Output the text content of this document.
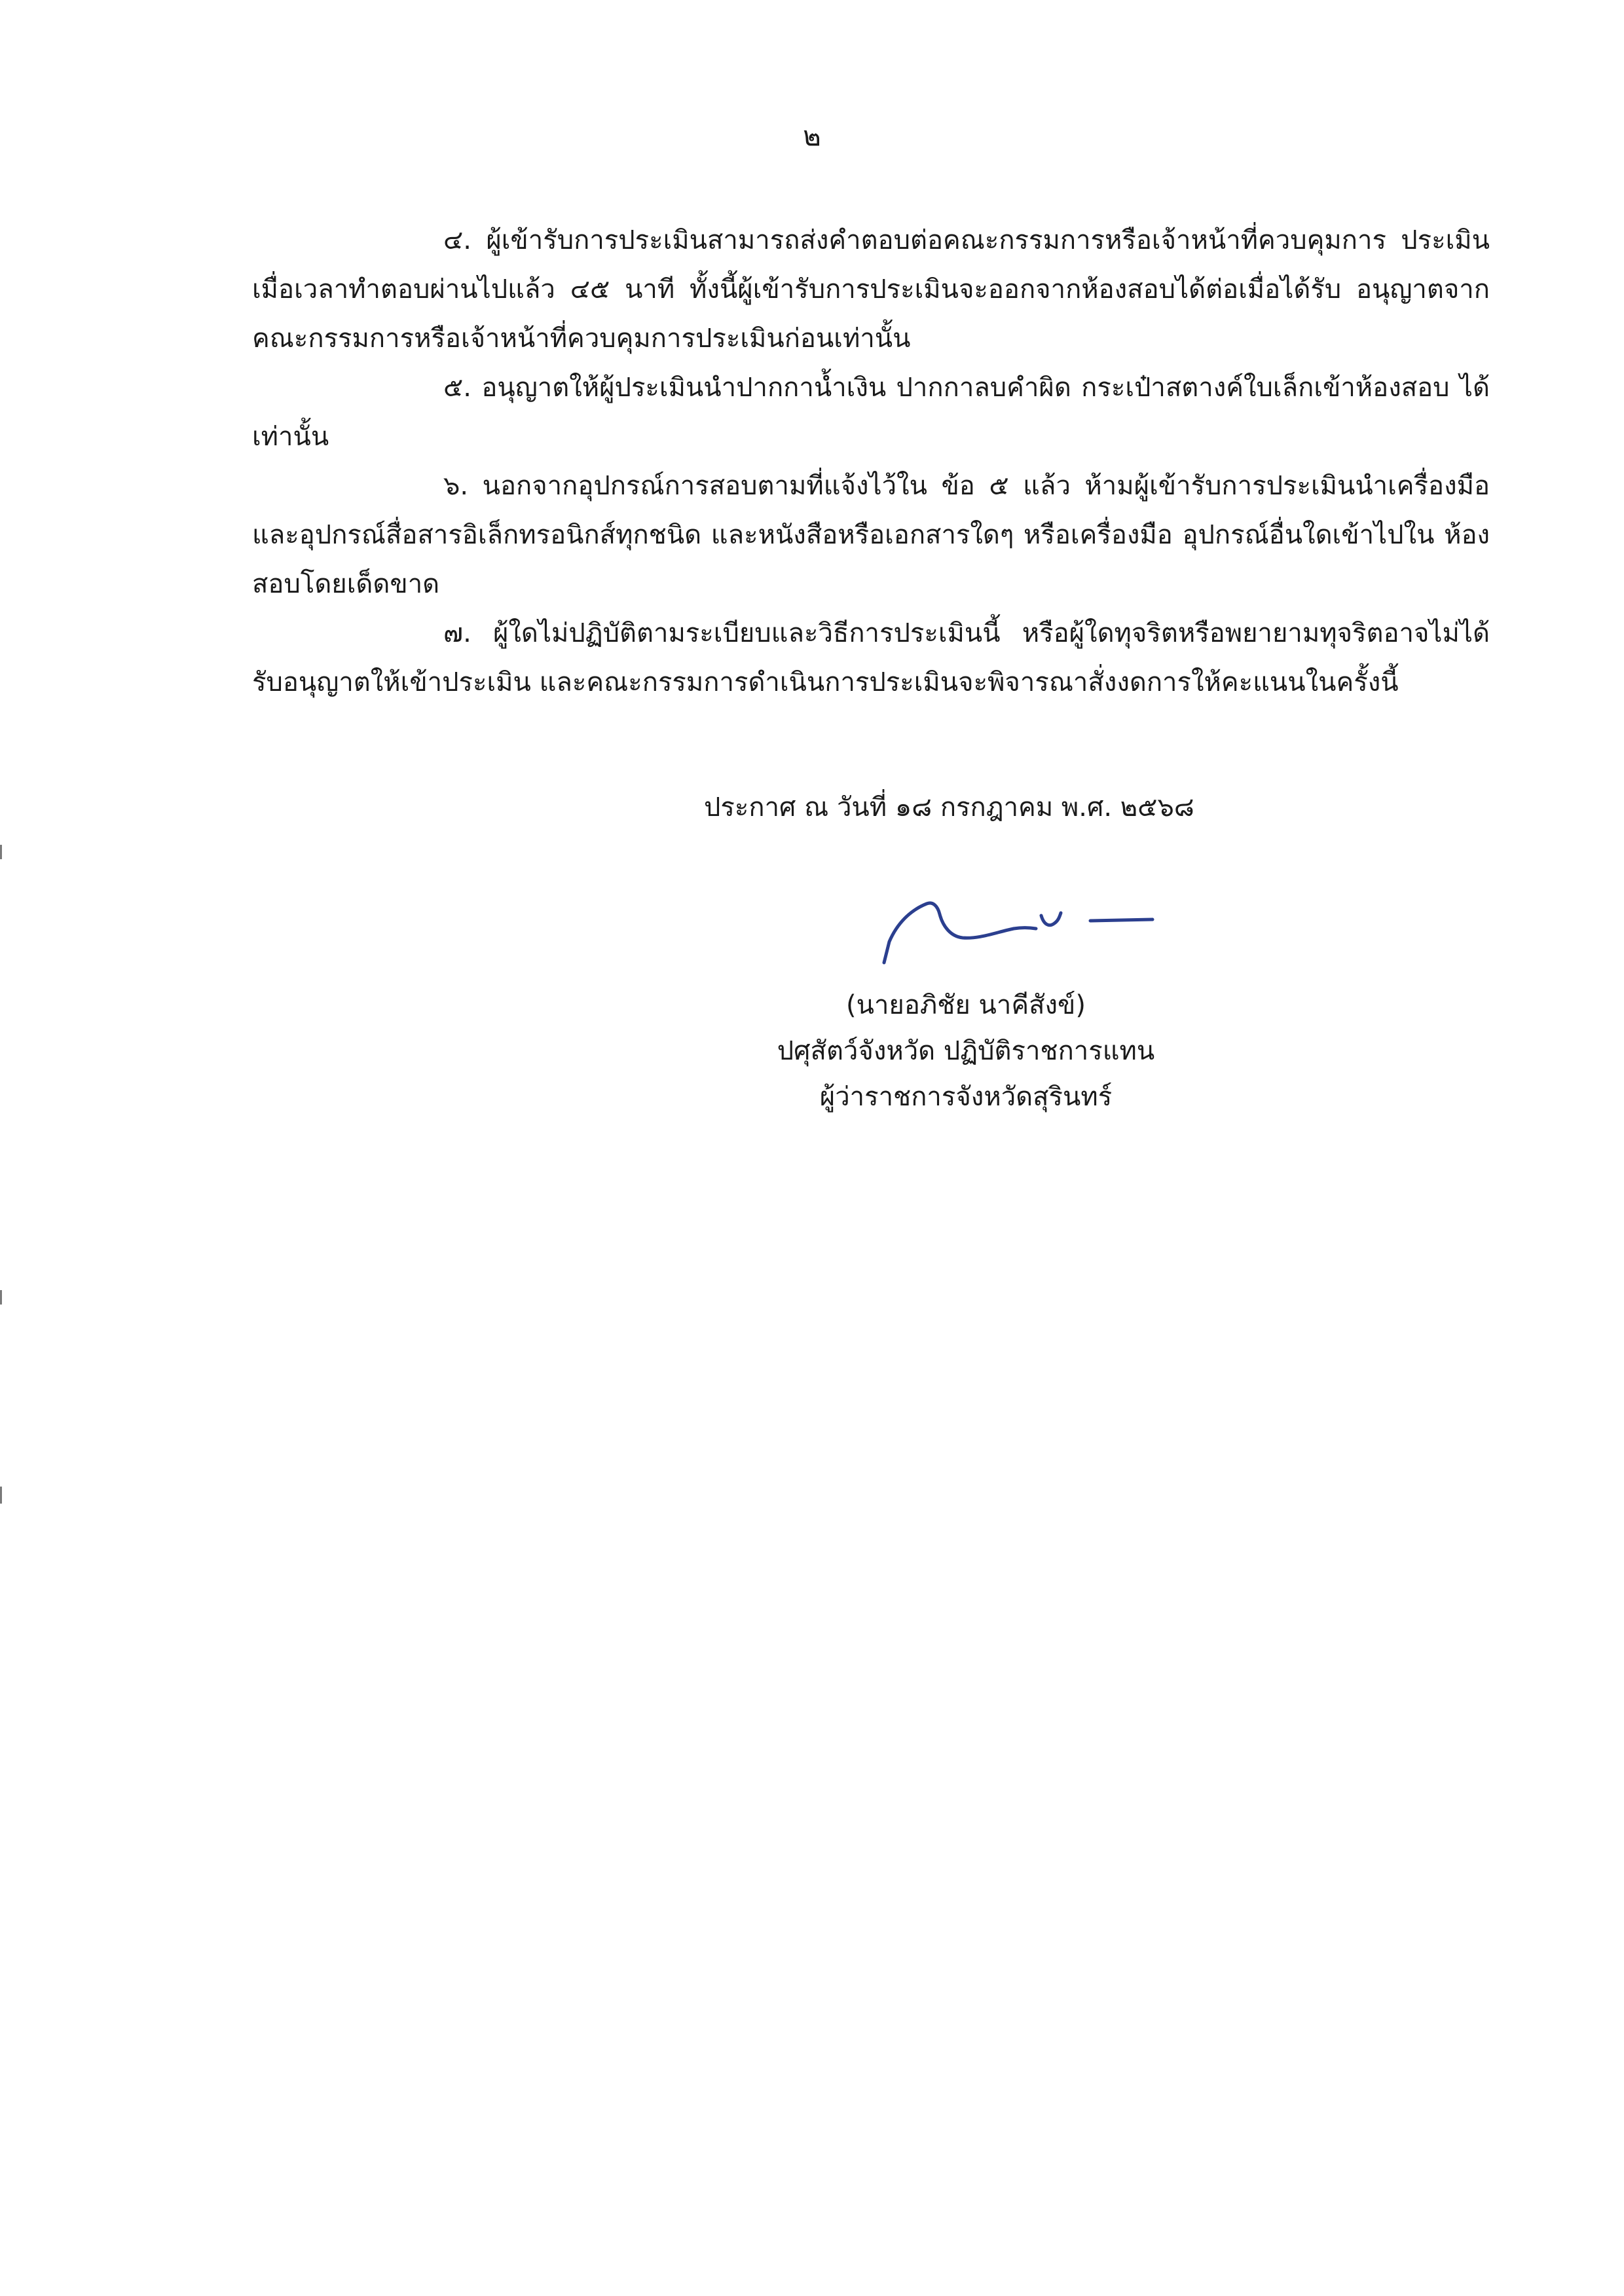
๒

๔. ผู้เข้ารับการประเมินสามารถส่งคำตอบต่อคณะกรรมการหรือเจ้าหน้าที่ควบคุมการ ประเมินเมื่อเวลาทำตอบผ่านไปแล้ว ๔๕ นาที ทั้งนี้ผู้เข้ารับการประเมินจะออกจากห้องสอบได้ต่อเมื่อได้รับ อนุญาตจากคณะกรรมการหรือเจ้าหน้าที่ควบคุมการประเมินก่อนเท่านั้น

๕. อนุญาตให้ผู้ประเมินนำปากกาน้ำเงิน ปากกาลบคำผิด กระเป๋าสตางค์ใบเล็กเข้าห้องสอบ ได้เท่านั้น

๖. นอกจากอุปกรณ์การสอบตามที่แจ้งไว้ใน ข้อ ๕ แล้ว ห้ามผู้เข้ารับการประเมินนำเครื่องมือ และอุปกรณ์สื่อสารอิเล็กทรอนิกส์ทุกชนิด และหนังสือหรือเอกสารใดๆ หรือเครื่องมือ อุปกรณ์อื่นใดเข้าไปใน ห้องสอบโดยเด็ดขาด

๗. ผู้ใดไม่ปฏิบัติตามระเบียบและวิธีการประเมินนี้ หรือผู้ใดทุจริตหรือพยายามทุจริตอาจไม่ได้ รับอนุญาตให้เข้าประเมิน และคณะกรรมการดำเนินการประเมินจะพิจารณาสั่งงดการให้คะแนนในครั้งนี้

ประกาศ ณ วันที่ ๑๘ กรกฎาคม พ.ศ. ๒๕๖๘
(นายอภิชัย นาคีสังข์)
ปศุสัตว์จังหวัด ปฏิบัติราชการแทน
ผู้ว่าราชการจังหวัดสุรินทร์
